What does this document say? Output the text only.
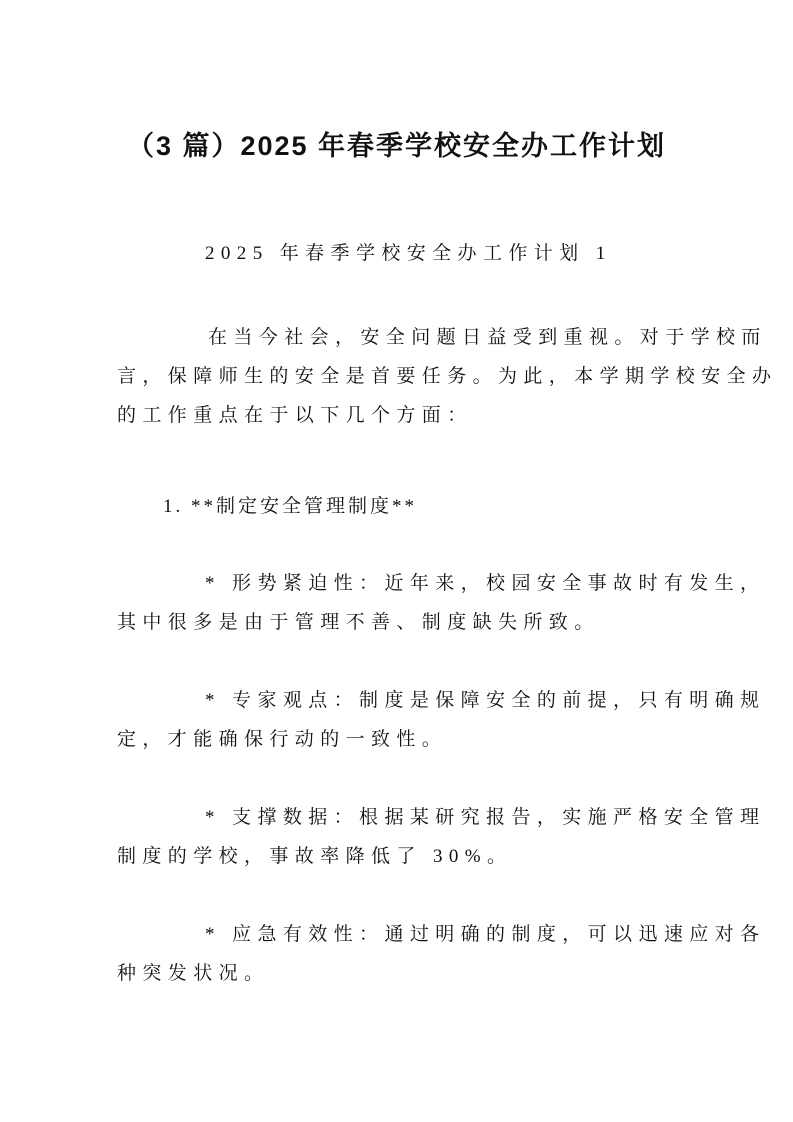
（3 篇）2025 年春季学校安全办工作计划
2025 年春季学校安全办工作计划 1
在当今社会，安全问题日益受到重视。对于学校而
言，保障师生的安全是首要任务。为此，本学期学校安全办
的工作重点在于以下几个方面：
1. **制定安全管理制度**
* 形势紧迫性：近年来，校园安全事故时有发生，
其中很多是由于管理不善、制度缺失所致。
* 专家观点：制度是保障安全的前提，只有明确规
定，才能确保行动的一致性。
* 支撑数据：根据某研究报告，实施严格安全管理
制度的学校，事故率降低了 30%。
* 应急有效性：通过明确的制度，可以迅速应对各
种突发状况。
